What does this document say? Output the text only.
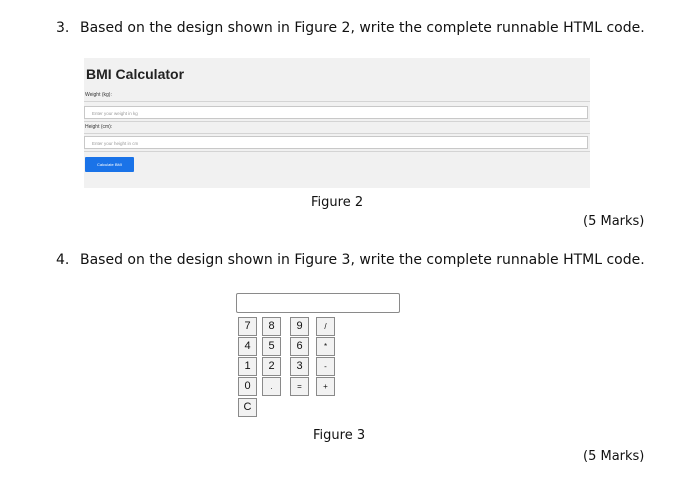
3. Based on the design shown in Figure 2, write the complete runnable HTML code.
BMI Calculator
Weight (kg):
Enter your weight in kg
Height (cm):
Enter your height in cm
Calculate BMI
Figure 2
(5 Marks)
4. Based on the design shown in Figure 3, write the complete runnable HTML code.
7	8	9	/
4	5	6	*
1	2	3	-
0	.	=	+
C
Figure 3
(5 Marks)
